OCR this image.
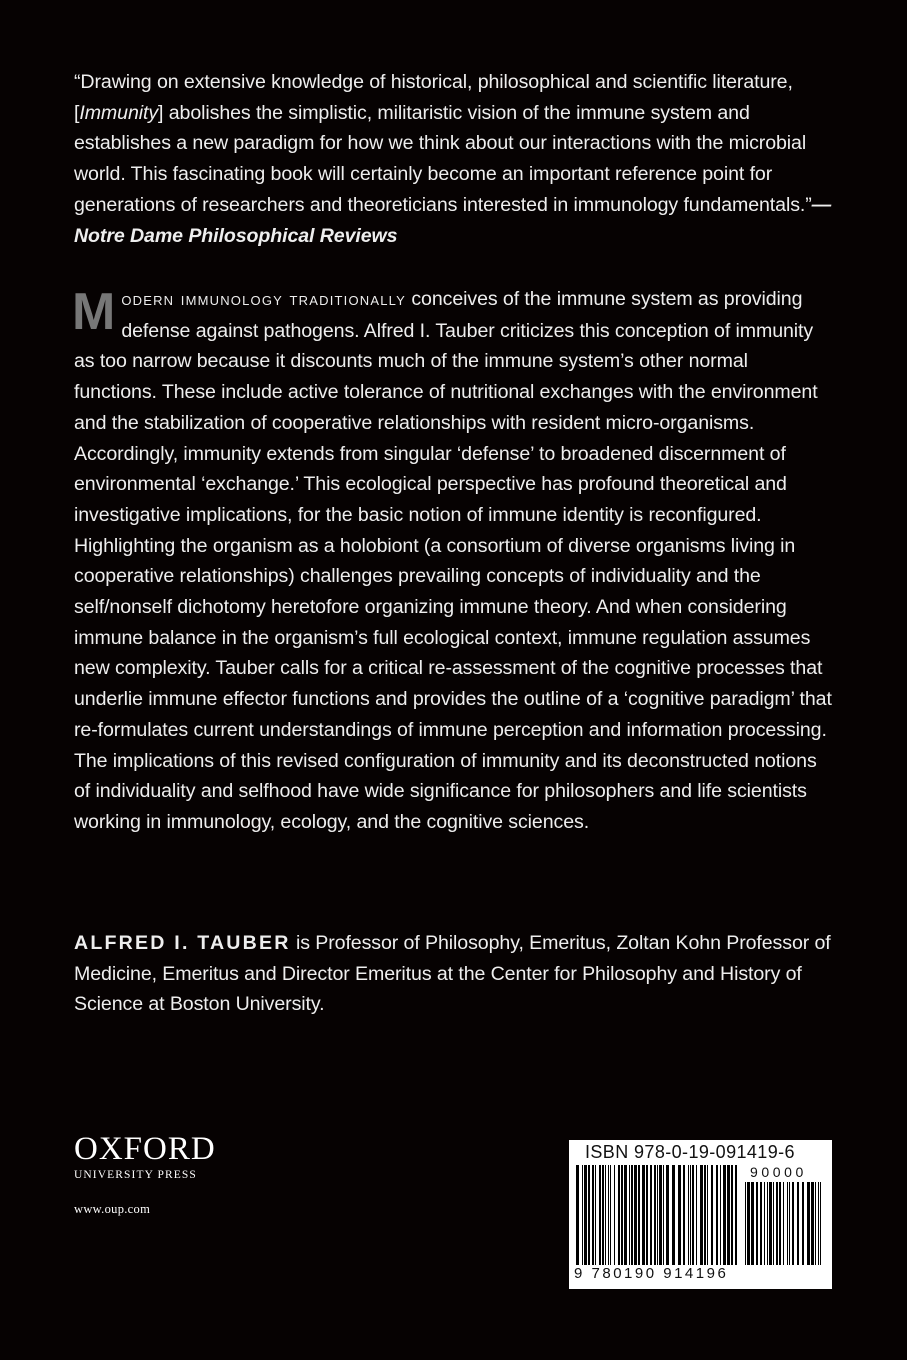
“Drawing on extensive knowledge of historical, philosophical and scientific literature, [Immunity] abolishes the simplistic, militaristic vision of the immune system and establishes a new paradigm for how we think about our interactions with the microbial world. This fascinating book will certainly become an important reference point for generations of researchers and theoreticians interested in immunology fundamentals.”—Notre Dame Philosophical Reviews
Modern immunology traditionally conceives of the immune system as providing defense against pathogens. Alfred I. Tauber criticizes this conception of immunity as too narrow because it discounts much of the immune system’s other normal functions. These include active tolerance of nutritional exchanges with the environment and the stabilization of cooperative relationships with resident micro-organisms. Accordingly, immunity extends from singular ‘defense’ to broadened discernment of environmental ‘exchange.’ This ecological perspective has profound theoretical and investigative implications, for the basic notion of immune identity is reconfigured. Highlighting the organism as a holobiont (a consortium of diverse organisms living in cooperative relationships) challenges prevailing concepts of individuality and the self/nonself dichotomy heretofore organizing immune theory. And when considering immune balance in the organism’s full ecological context, immune regulation assumes new complexity. Tauber calls for a critical re-assessment of the cognitive processes that underlie immune effector functions and provides the outline of a ‘cognitive paradigm’ that re-formulates current understandings of immune perception and information processing. The implications of this revised configuration of immunity and its deconstructed notions of individuality and selfhood have wide significance for philosophers and life scientists working in immunology, ecology, and the cognitive sciences.
ALFRED I. TAUBER is Professor of Philosophy, Emeritus, Zoltan Kohn Professor of Medicine, Emeritus and Director Emeritus at the Center for Philosophy and History of Science at Boston University.
OXFORD
UNIVERSITY PRESS
www.oup.com
ISBN 978-0-19-091419-6
90000
9 780190 914196
